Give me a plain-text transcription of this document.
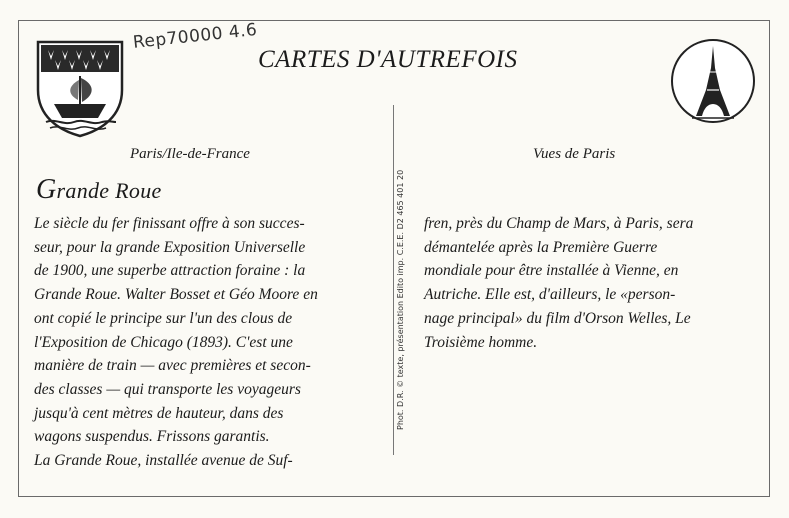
Rep70000 4.6
CARTES D'AUTREFOIS
Paris/Ile-de-France	Vues de Paris
Grande Roue
Le siècle du fer finissant offre à son succes-
seur, pour la grande Exposition Universelle
de 1900, une superbe attraction foraine : la
Grande Roue. Walter Bosset et Géo Moore en
ont copié le principe sur l'un des clous de
l'Exposition de Chicago (1893). C'est une
manière de train — avec premières et secon-
des classes — qui transporte les voyageurs
jusqu'à cent mètres de hauteur, dans des
wagons suspendus. Frissons garantis.
La Grande Roue, installée avenue de Suf-
Phot. D.R. © texte, présentation Edito imp. C.E.E. D2 465 401 20 fren, près du Champ de Mars, à Paris, sera
démantelée après la Première Guerre
mondiale pour être installée à Vienne, en
Autriche. Elle est, d'ailleurs, le «person-
nage principal» du film d'Orson Welles, Le
Troisième homme.
